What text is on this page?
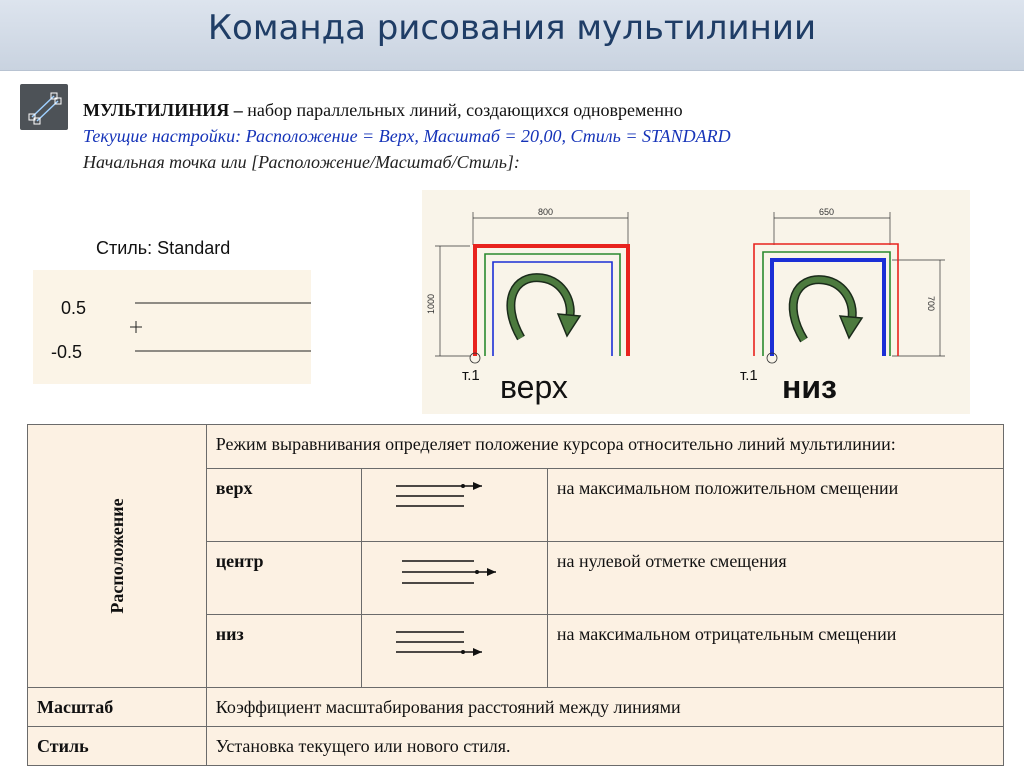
Команда рисования мультилинии
МУЛЬТИЛИНИЯ – набор параллельных линий, создающихся одновременно
Текущие настройки: Расположение = Верх, Масштаб = 20,00, Стиль = STANDARD
Начальная точка или [Расположение/Масштаб/Стиль]:
Стиль: Standard
0.5
-0.5
800
1000
т.1 верх
650
700
т.1 низ
Расположение	Режим выравнивания определяет положение курсора относительно линий мультилинии:		
	верх		на максимальном положительном смещении
	центр		на нулевой отметке смещения
	низ		на максимальном отрицательным смещении
Масштаб	Коэффициент масштабирования расстояний между линиями		
Стиль	Установка текущего или нового стиля.		
